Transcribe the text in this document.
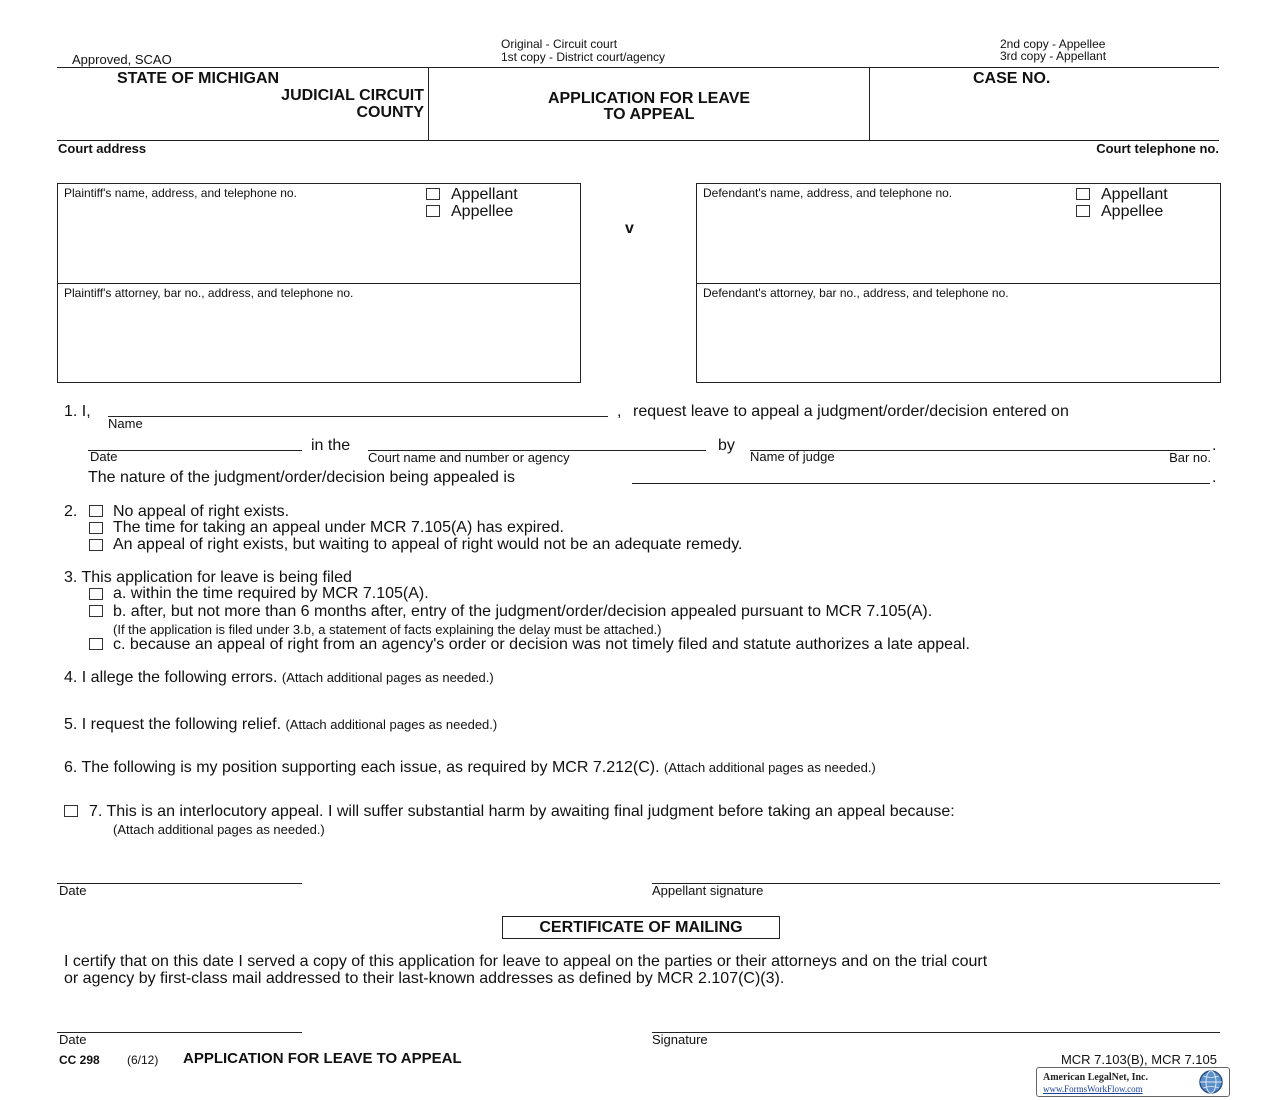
Original - Circuit court
1st copy - District court/agency
2nd copy - Appellee
3rd copy - Appellant
Approved, SCAO
STATE OF MICHIGAN
JUDICIAL CIRCUIT
COUNTY
APPLICATION FOR LEAVE
TO APPEAL
CASE NO.
Court address	Court telephone no.
Plaintiff's name, address, and telephone no.	Appellant
Appellee
Plaintiff's attorney, bar no., address, and telephone no.
v
Defendant's name, address, and telephone no.	Appellant
Appellee
Defendant's attorney, bar no., address, and telephone no.
1. I,
Name
, request leave to appeal a judgment/order/decision entered on
Date
in the
Court name and number or agency
by
Name of judge	Bar no.
.
The nature of the judgment/order/decision being appealed is	.
2. No appeal of right exists.
The time for taking an appeal under MCR 7.105(A) has expired.
An appeal of right exists, but waiting to appeal of right would not be an adequate remedy.
3. This application for leave is being filed
a. within the time required by MCR 7.105(A).
b. after, but not more than 6 months after, entry of the judgment/order/decision appealed pursuant to MCR 7.105(A).
(If the application is filed under 3.b, a statement of facts explaining the delay must be attached.)
c. because an appeal of right from an agency's order or decision was not timely filed and statute authorizes a late appeal.
4. I allege the following errors. (Attach additional pages as needed.)
5. I request the following relief. (Attach additional pages as needed.)
6. The following is my position supporting each issue, as required by MCR 7.212(C). (Attach additional pages as needed.)
7. This is an interlocutory appeal. I will suffer substantial harm by awaiting final judgment before taking an appeal because:
(Attach additional pages as needed.)
Date	Appellant signature
CERTIFICATE OF MAILING
I certify that on this date I served a copy of this application for leave to appeal on the parties or their attorneys and on the trial court
or agency by first-class mail addressed to their last-known addresses as defined by MCR 2.107(C)(3).
Date	Signature
CC 298 (6/12) APPLICATION FOR LEAVE TO APPEAL	MCR 7.103(B), MCR 7.105
American LegalNet, Inc.
www.FormsWorkFlow.com
